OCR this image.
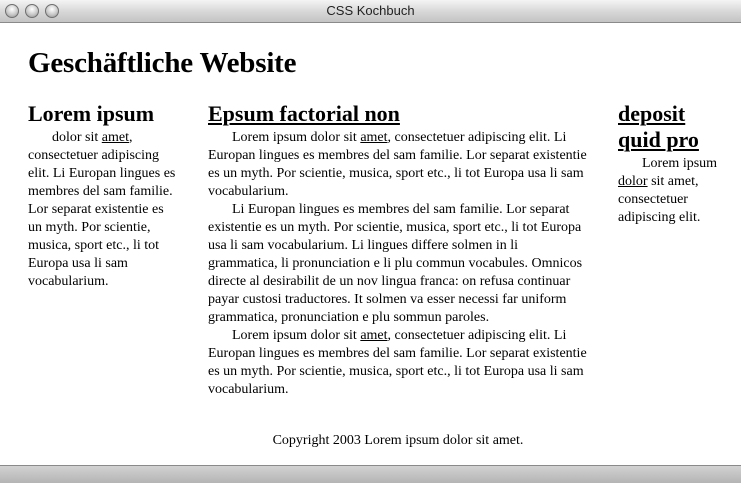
CSS Kochbuch
Geschäftliche Website
Lorem ipsum

dolor sit amet, consectetuer adipiscing elit. Li Europan lingues es membres del sam familie. Lor separat existentie es un myth. Por scientie, musica, sport etc., li tot Europa usa li sam vocabularium.

Epsum factorial non

Lorem ipsum dolor sit amet, consectetuer adipiscing elit. Li Europan lingues es membres del sam familie. Lor separat existentie es un myth. Por scientie, musica, sport etc., li tot Europa usa li sam vocabularium.

Li Europan lingues es membres del sam familie. Lor separat existentie es un myth. Por scientie, musica, sport etc., li tot Europa usa li sam vocabularium. Li lingues differe solmen in li grammatica, li pronunciation e li plu commun vocabules. Omnicos directe al desirabilit de un nov lingua franca: on refusa continuar payar custosi traductores. It solmen va esser necessi far uniform grammatica, pronunciation e plu sommun paroles.

Lorem ipsum dolor sit amet, consectetuer adipiscing elit. Li Europan lingues es membres del sam familie. Lor separat existentie es un myth. Por scientie, musica, sport etc., li tot Europa usa li sam vocabularium.

deposit quid pro

Lorem ipsum dolor sit amet, consectetuer adipiscing elit.

Copyright 2003 Lorem ipsum dolor sit amet.
